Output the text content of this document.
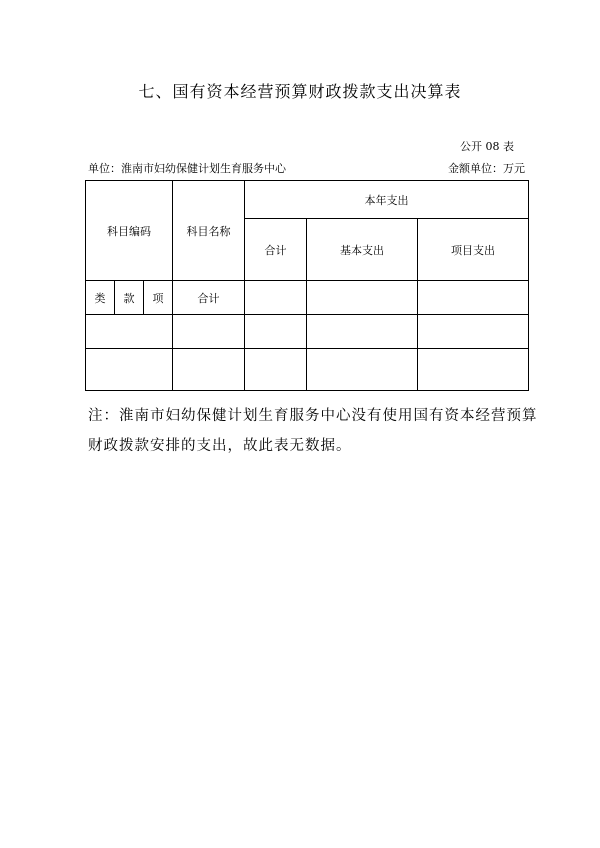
七、国有资本经营预算财政拨款支出决算表
公开 08 表
单位：淮南市妇幼保健计划生育服务中心	金额单位：万元
科目编码			科目名称	本年支出		
				合计	基本支出	项目支出
类	款	项	合计			

注：淮南市妇幼保健计划生育服务中心没有使用国有资本经营预算财政拨款安排的支出，故此表无数据。
